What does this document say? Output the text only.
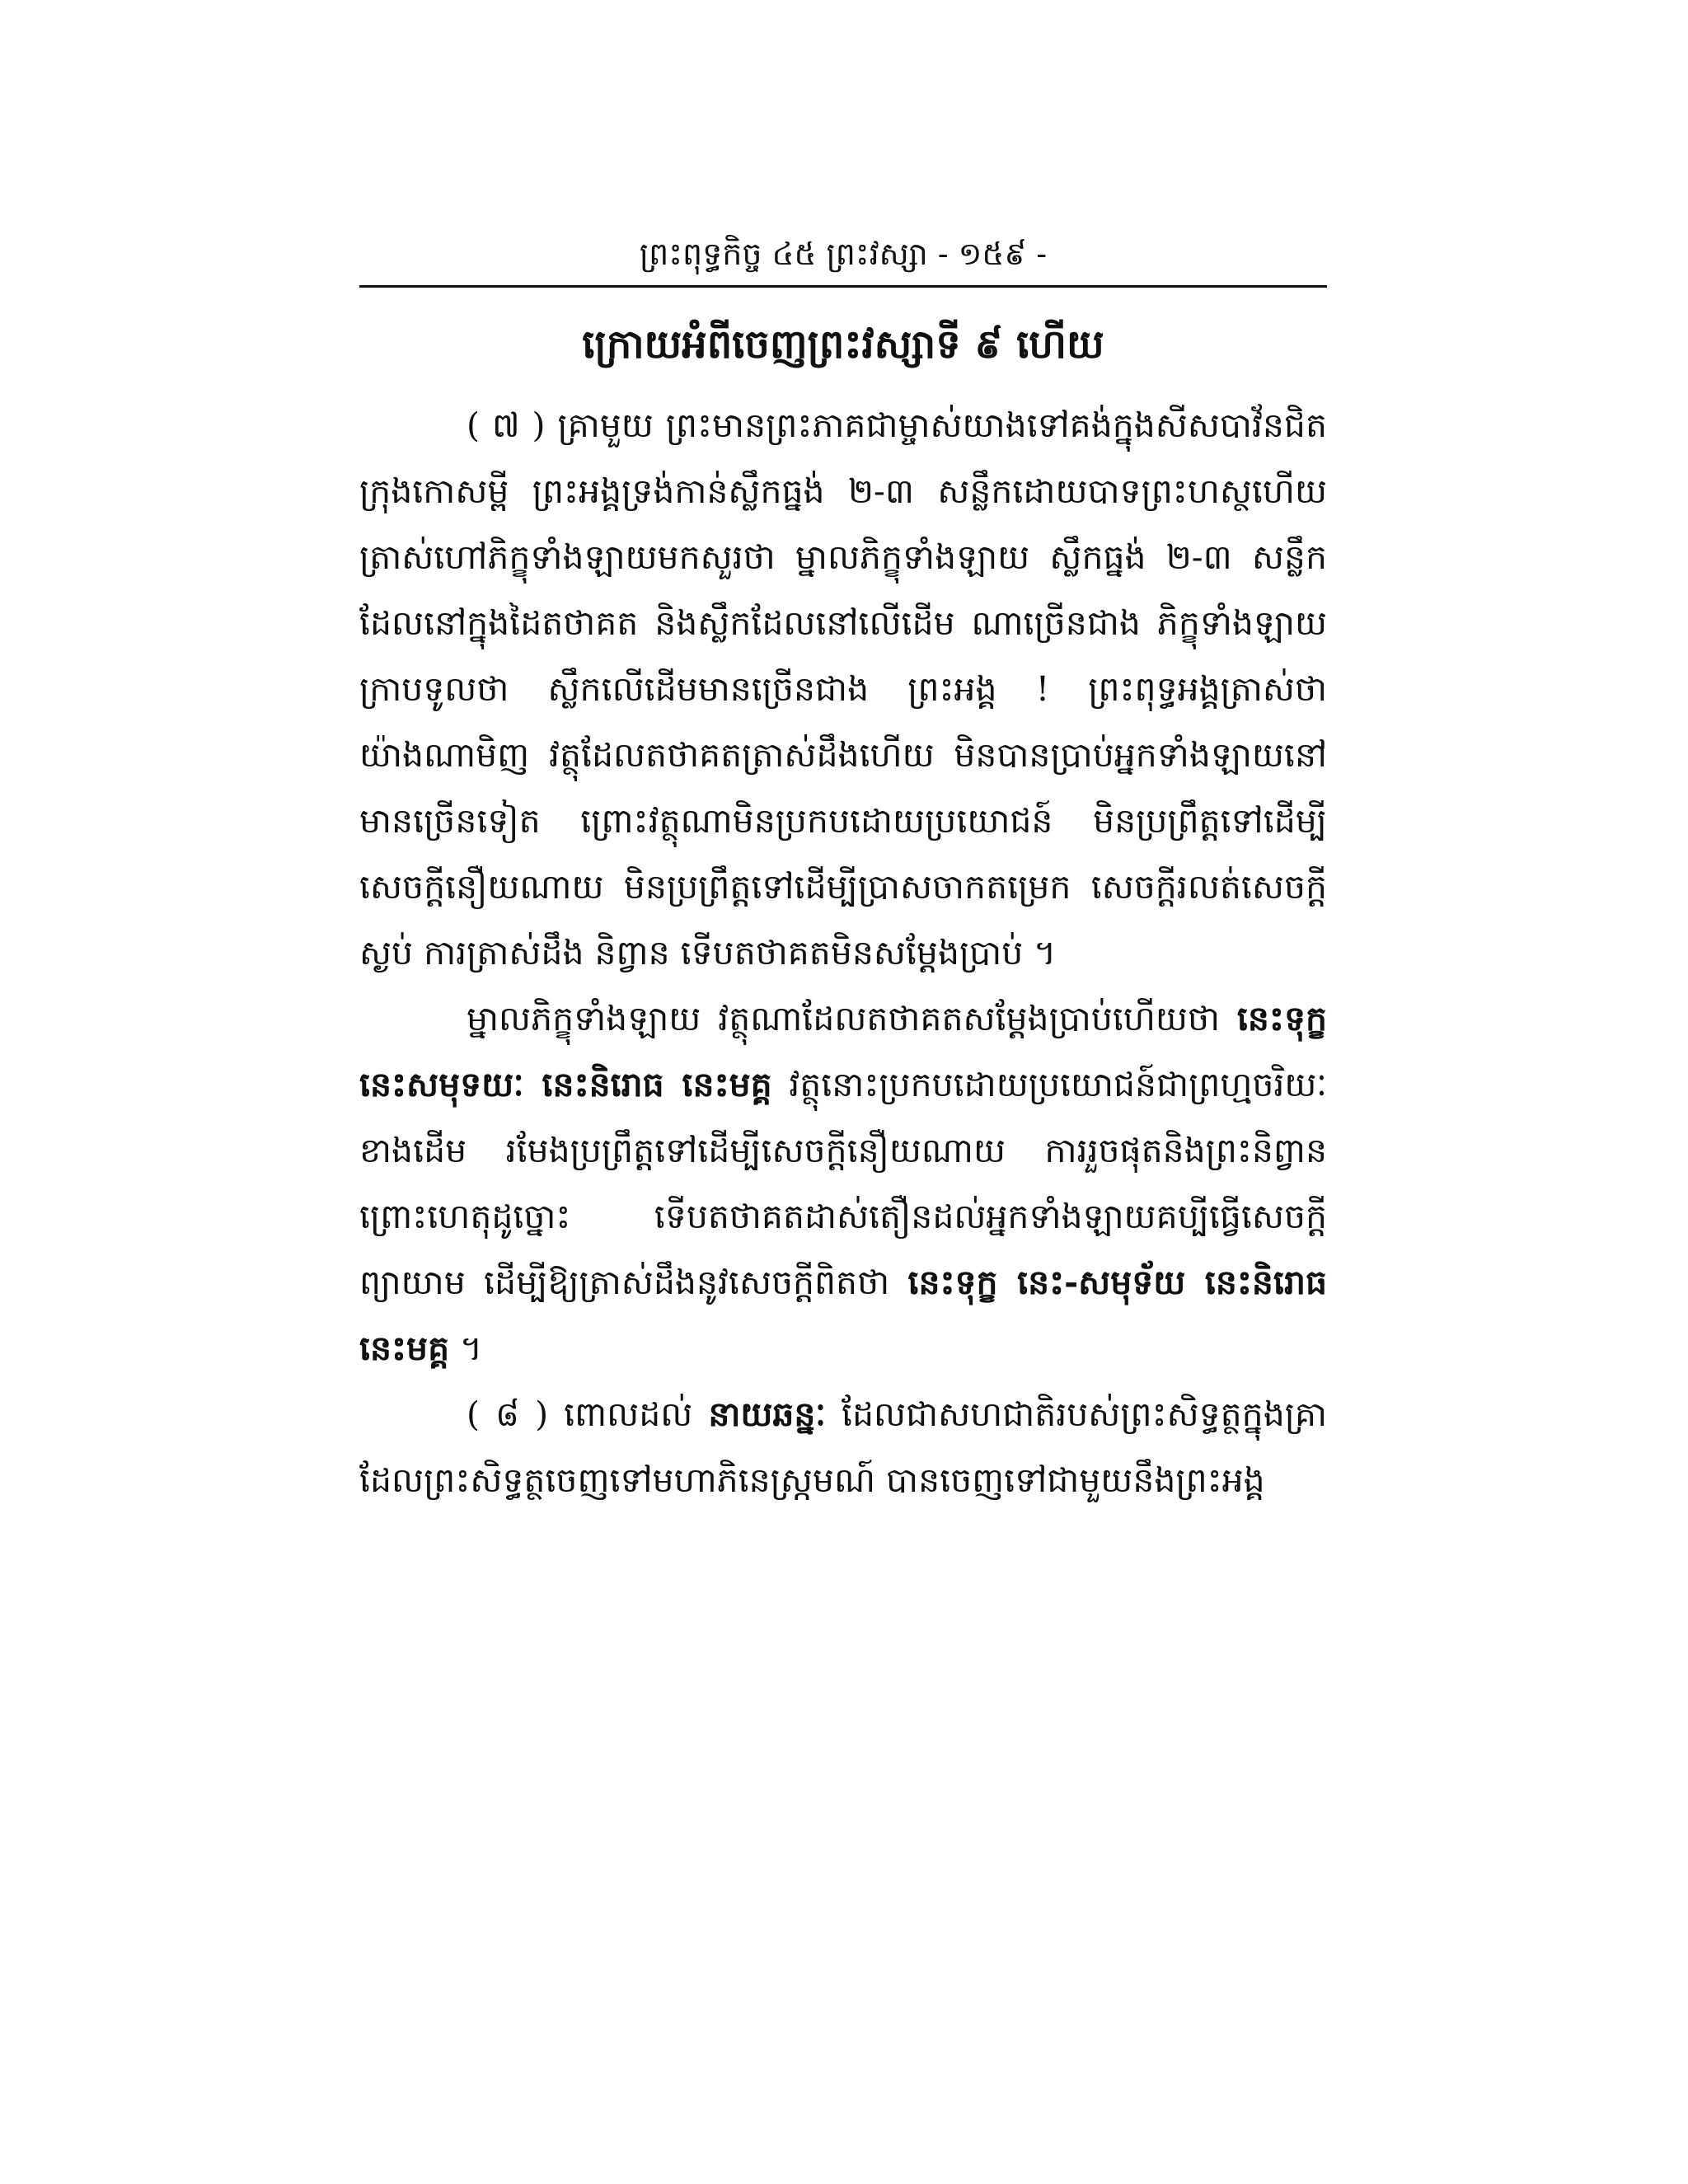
ព្រះពុទ្ធកិច្ច ៤៥ ព្រះវស្សា - ១៥៩ -
ក្រោយអំពីចេញព្រះវស្សាទី ៩ ហើយ

( ៧ ) គ្រាមួយ ព្រះមានព្រះភាគជាម្ចាស់យាងទៅគង់ក្នុងសីសបាវ័នជិតក្រុងកោសម្ពី ព្រះអង្គទ្រង់កាន់ស្លឹកធ្នង់ ២-៣ សន្លឹកដោយបាទព្រះហស្ថហើយត្រាស់ហៅភិក្ខុទាំងឡាយមកសួរថា ម្នាលភិក្ខុទាំងឡាយ ស្លឹកធ្នង់ ២-៣ សន្លឹកដែលនៅក្នុងដៃតថាគត និងស្លឹកដែលនៅលើដើម ណាច្រើនជាង ភិក្ខុទាំងឡាយក្រាបទូលថា ស្លឹកលើដើមមានច្រើនជាង ព្រះអង្គ ! ព្រះពុទ្ធអង្គត្រាស់ថា យ៉ាងណាមិញ វត្ថុដែលតថាគតត្រាស់ដឹងហើយ មិនបានប្រាប់អ្នកទាំងឡាយនៅមានច្រើនទៀត ព្រោះវត្ថុណាមិនប្រកបដោយប្រយោជន៍ មិនប្រព្រឹត្តទៅដើម្បីសេចក្តីនឿយណាយ មិនប្រព្រឹត្តទៅដើម្បីប្រាសចាកតម្រេក សេចក្តីរលត់សេចក្តីស្ងប់ ការត្រាស់ដឹង និព្វាន ទើបតថាគតមិនសម្តែងប្រាប់ ។

ម្នាលភិក្ខុទាំងឡាយ វត្ថុណាដែលតថាគតសម្តែងប្រាប់ហើយថា នេះទុក្ខ នេះសមុទយៈ នេះនិរោធ នេះមគ្គ វត្ថុនោះប្រកបដោយប្រយោជន៍ជាព្រហ្មចរិយៈខាងដើម រមែងប្រព្រឹត្តទៅដើម្បីសេចក្តីនឿយណាយ ការរួចផុតនិងព្រះនិព្វាន ព្រោះហេតុដូច្នោះ ទើបតថាគតដាស់តឿនដល់អ្នកទាំងឡាយគប្បីធ្វើសេចក្តីព្យាយាម ដើម្បីឱ្យត្រាស់ដឹងនូវសេចក្តីពិតថា នេះទុក្ខ នេះ-សមុទ័យ នេះនិរោធ នេះមគ្គ ។

( ៨ ) ពោលដល់ នាយឆន្នៈ ដែលជាសហជាតិរបស់ព្រះសិទ្ធត្ថក្នុងគ្រាដែលព្រះសិទ្ធត្ថចេញទៅមហាភិនេស្ក្រមណ៍ បានចេញទៅជាមួយនឹងព្រះអង្គ
